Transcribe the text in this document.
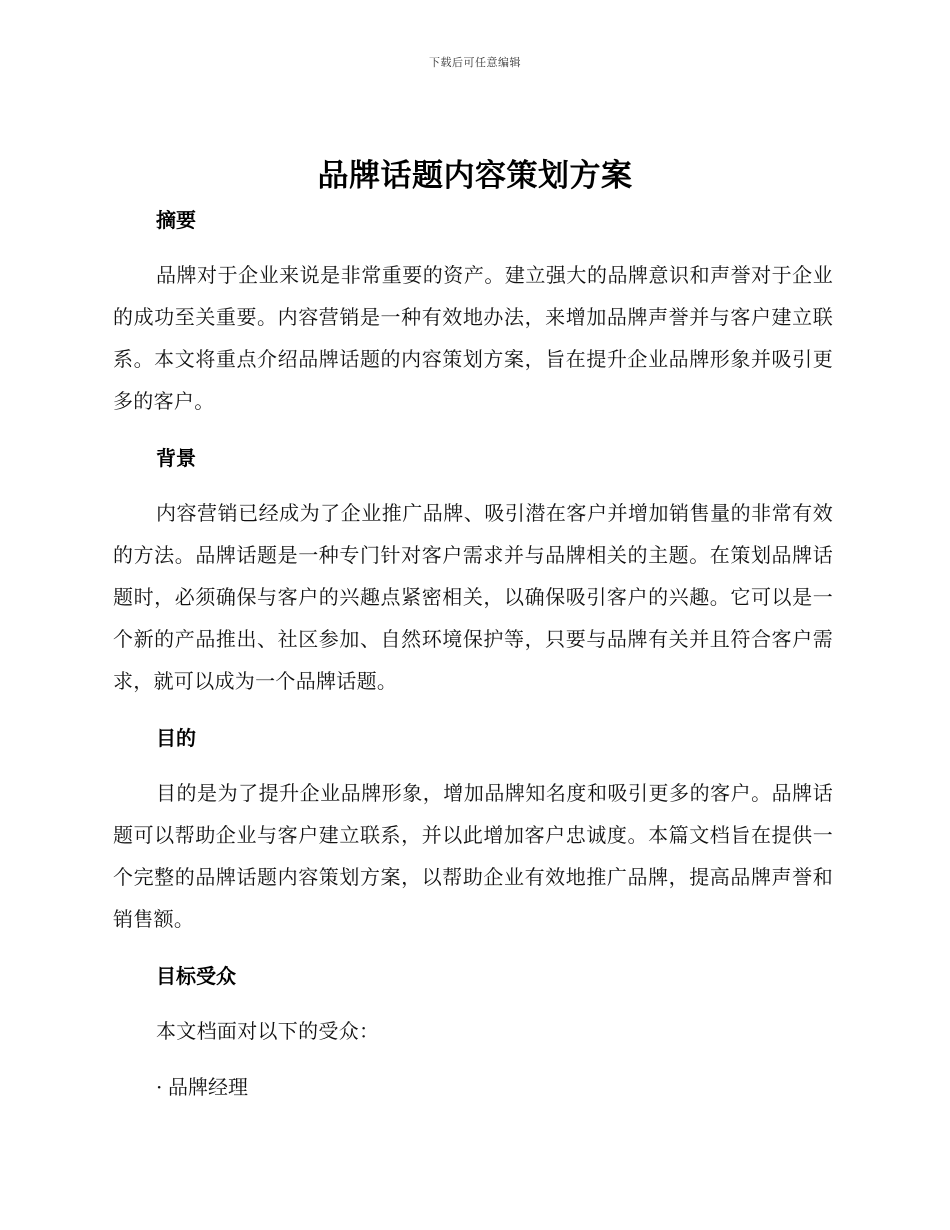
下载后可任意编辑
品牌话题内容策划方案
摘要

品牌对于企业来说是非常重要的资产。建立强大的品牌意识和声誉对于企业的成功至关重要。内容营销是一种有效地办法，来增加品牌声誉并与客户建立联系。本文将重点介绍品牌话题的内容策划方案，旨在提升企业品牌形象并吸引更多的客户。

背景

内容营销已经成为了企业推广品牌、吸引潜在客户并增加销售量的非常有效的方法。品牌话题是一种专门针对客户需求并与品牌相关的主题。在策划品牌话题时，必须确保与客户的兴趣点紧密相关，以确保吸引客户的兴趣。它可以是一个新的产品推出、社区参加、自然环境保护等，只要与品牌有关并且符合客户需求，就可以成为一个品牌话题。

目的

目的是为了提升企业品牌形象，增加品牌知名度和吸引更多的客户。品牌话题可以帮助企业与客户建立联系，并以此增加客户忠诚度。本篇文档旨在提供一个完整的品牌话题内容策划方案，以帮助企业有效地推广品牌，提高品牌声誉和销售额。

目标受众

本文档面对以下的受众：

· 品牌经理
